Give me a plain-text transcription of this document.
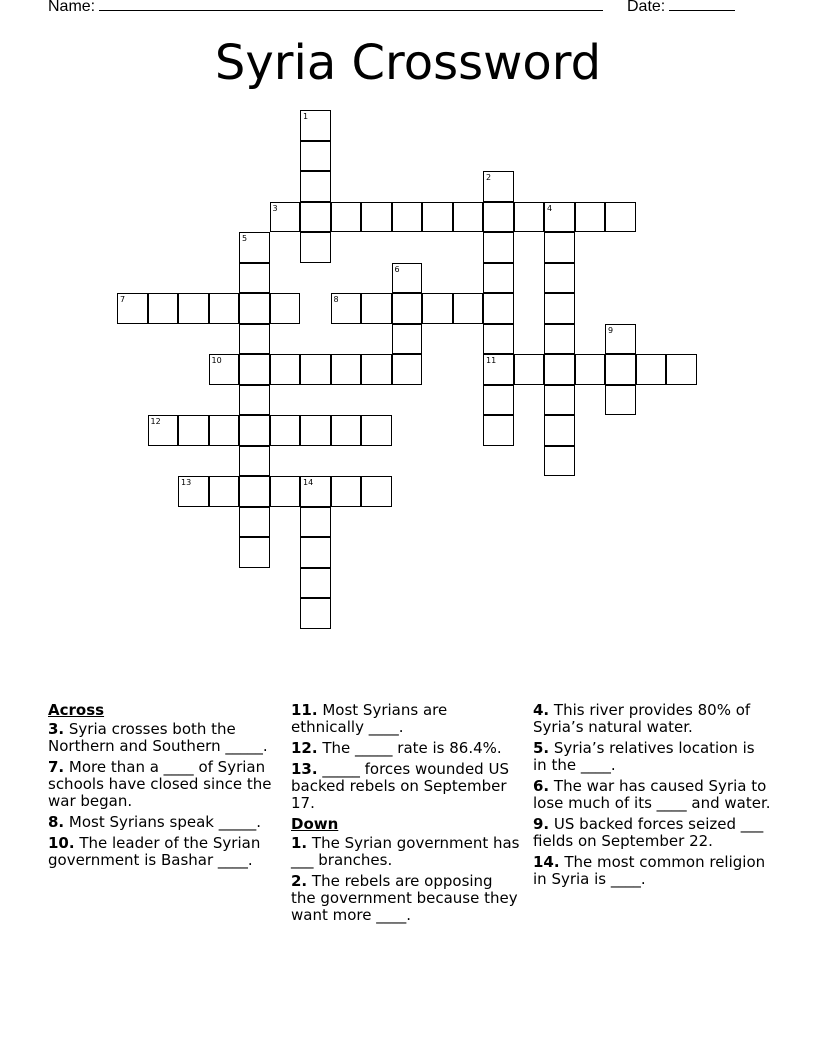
Name:	Date:
Syria Crossword
1
2
11
3	4
5
6
7	8
9
10
12
13	14
Across
3. Syria crosses both the Northern and Southern _____.
7. More than a ____ of Syrian schools have closed since the war began.
8. Most Syrians speak _____.
10. The leader of the Syrian government is Bashar ____.
11. Most Syrians are ethnically ____.
12. The _____ rate is 86.4%.
13. _____ forces wounded US backed rebels on September 17.
Down
1. The Syrian government has ___ branches.
2. The rebels are opposing the government because they want more ____.
4. This river provides 80% of Syria’s natural water.
5. Syria’s relatives location is in the ____.
6. The war has caused Syria to lose much of its ____ and water.
9. US backed forces seized ___ fields on September 22.
14. The most common religion in Syria is ____.
